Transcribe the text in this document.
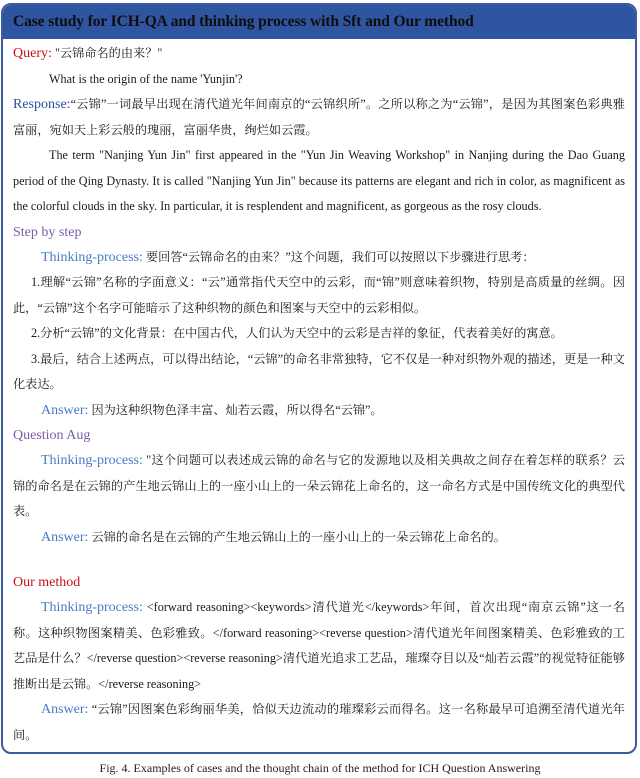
Case study for ICH-QA and thinking process with Sft and Our method

Query: "云锦命名的由来？"

What is the origin of the name 'Yunjin'?

Response:“云锦”一词最早出现在清代道光年间南京的“云锦织所”。之所以称之为“云锦”，是因为其图案色彩典雅富丽，宛如天上彩云般的瑰丽，富丽华贵，绚烂如云霞。

The term "Nanjing Yun Jin" first appeared in the "Yun Jin Weaving Workshop" in Nanjing during the Dao Guang period of the Qing Dynasty. It is called "Nanjing Yun Jin" because its patterns are elegant and rich in color, as magnificent as the colorful clouds in the sky. In particular, it is resplendent and magnificent, as gorgeous as the rosy clouds.

Step by step

Thinking-process: 要回答“云锦命名的由来？”这个问题，我们可以按照以下步骤进行思考：

1.理解“云锦”名称的字面意义：“云”通常指代天空中的云彩，而“锦”则意味着织物，特别是高质量的丝绸。因此，“云锦”这个名字可能暗示了这种织物的颜色和图案与天空中的云彩相似。

2.分析“云锦”的文化背景：在中国古代，人们认为天空中的云彩是吉祥的象征，代表着美好的寓意。

3.最后，结合上述两点，可以得出结论，“云锦”的命名非常独特，它不仅是一种对织物外观的描述，更是一种文化表达。

Answer: 因为这种织物色泽丰富、灿若云霞，所以得名“云锦”。

Question Aug

Thinking-process: "这个问题可以表述成云锦的命名与它的发源地以及相关典故之间存在着怎样的联系？云锦的命名是在云锦的产生地云锦山上的一座小山上的一朵云锦花上命名的，这一命名方式是中国传统文化的典型代表。

Answer: 云锦的命名是在云锦的产生地云锦山上的一座小山上的一朵云锦花上命名的。

Our method

Thinking-process: <forward reasoning><keywords>清代道光</keywords>年间，首次出现“南京云锦”这一名称。这种织物图案精美、色彩雅致。</forward reasoning><reverse question>清代道光年间图案精美、色彩雅致的工艺品是什么？</reverse question><reverse reasoning>清代道光追求工艺品，璀璨夺目以及“灿若云霞”的视觉特征能够推断出是云锦。</reverse reasoning>

Answer: “云锦”因图案色彩绚丽华美，恰似天边流动的璀璨彩云而得名。这一名称最早可追溯至清代道光年间。

Fig. 4. Examples of cases and the thought chain of the method for ICH Question Answering
